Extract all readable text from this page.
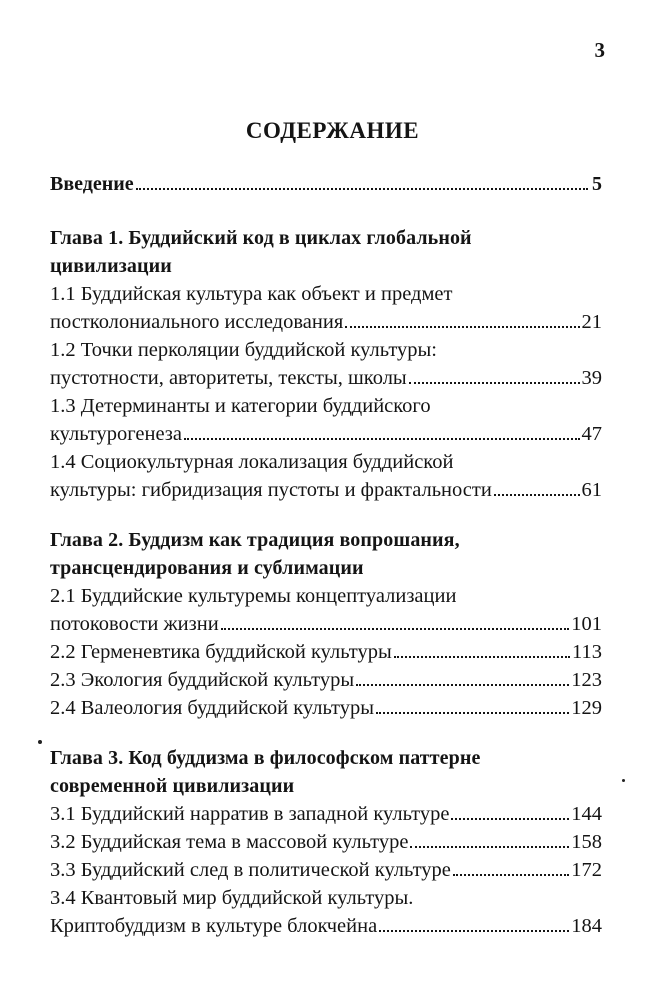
3
СОДЕРЖАНИЕ
Введение	5
Глава 1. Буддийский код в циклах глобальной
цивилизации
1.1 Буддийская культура как объект и предмет
постколониального исследования	21
1.2 Точки перколяции буддийской культуры:
пустотности, авторитеты, тексты, школы	39
1.3 Детерминанты и категории буддийского
культурогенеза	47
1.4 Социокультурная локализация буддийской
культуры: гибридизация пустоты и фрактальности	61
Глава 2. Буддизм как традиция вопрошания,
трансцендирования и сублимации
2.1 Буддийские культуремы концептуализации
потоковости жизни	101
2.2 Герменевтика буддийской культуры	113
2.3 Экология буддийской культуры	123
2.4 Валеология буддийской культуры	129
Глава 3. Код буддизма в философском паттерне
современной цивилизации
3.1 Буддийский нарратив в западной культуре	144
3.2 Буддийская тема в массовой культуре	158
3.3 Буддийский след в политической культуре	172
3.4 Квантовый мир буддийской культуры.
Криптобуддизм в культуре блокчейна	184
